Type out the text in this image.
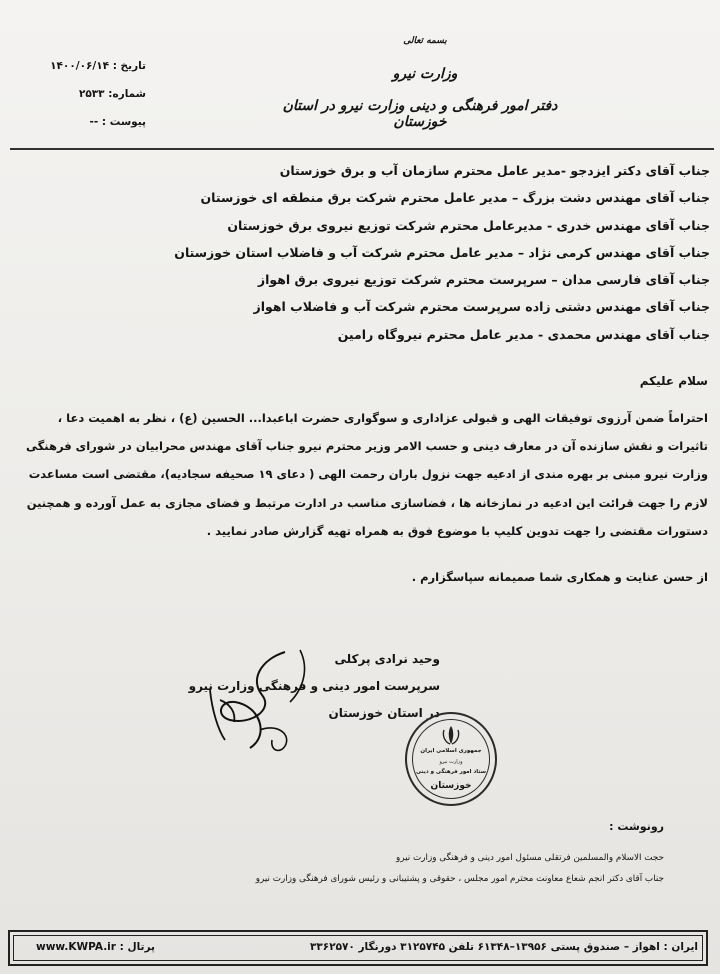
تاریخ : ۱۴۰۰/۰۶/۱۴
شماره: ۲۵۳۳
پیوست : --
بسمه تعالی
وزارت نیرو
دفتر امور فرهنگی و دینی وزارت نیرو در استان خوزستان
جناب آقای دکتر ایزدجو -مدیر عامل محترم سازمان آب و برق خوزستان
جناب آقای مهندس دشت بزرگ – مدیر عامل محترم شرکت برق منطقه ای خوزستان
جناب آقای مهندس خدری - مدیرعامل محترم شرکت توزیع نیروی برق خوزستان
جناب آقای مهندس کرمی نژاد – مدیر عامل محترم شرکت آب و فاضلاب استان خوزستان
جناب آقای فارسی مدان – سرپرست محترم شرکت توزیع نیروی برق اهواز
جناب آقای مهندس دشتی زاده سرپرست محترم شرکت آب و فاضلاب اهواز
جناب آقای مهندس محمدی - مدیر عامل محترم نیروگاه رامین
سلام علیکم
احتراماً ضمن آرزوی توفیقات الهی و قبولی عزاداری و سوگواری حضرت اباعبدا... الحسین (ع) ، نظر به اهمیت دعا ،
تاثیرات و نقش سازنده آن در معارف دینی و حسب الامر وزیر محترم نیرو جناب آقای مهندس محرابیان در شورای فرهنگی
وزارت نیرو مبنی بر بهره مندی از ادعیه جهت نزول باران رحمت الهی ( دعای ۱۹ صحیفه سجادیه)، مقتضی است مساعدت
لازم را جهت قرائت این ادعیه در نمازخانه ها ، فضاسازی مناسب در ادارت مرتبط و فضای مجازی به عمل آورده و همچنین
دستورات مقتضی را جهت تدوین کلیپ با موضوع فوق به همراه تهیه گزارش صادر نمایید .
از حسن عنایت و همکاری شما صمیمانه سپاسگزارم .
وحید نرادی پرکلی
سرپرست امور دینی و فرهنگی وزارت نیرو
در استان خوزستان
جمهوری اسلامی ایران
وزارت نیرو
ستاد امور فرهنگی و دینی
خوزستان
رونوشت :
حجت الاسلام والمسلمین فرتقلی مسئول امور دینی و فرهنگی وزارت نیرو
جناب آقای دکتر انجم شعاع معاونت محترم امور مجلس ، حقوقی و پشتیبانی و رئیس شورای فرهنگی وزارت نیرو
ایران : اهواز – صندوق پستی ۱۳۹۵۶–۶۱۳۴۸ تلفن ۳۱۲۵۷۴۵ دورنگار ۳۳۶۲۵۷۰
www.KWPA.ir : پرتال
